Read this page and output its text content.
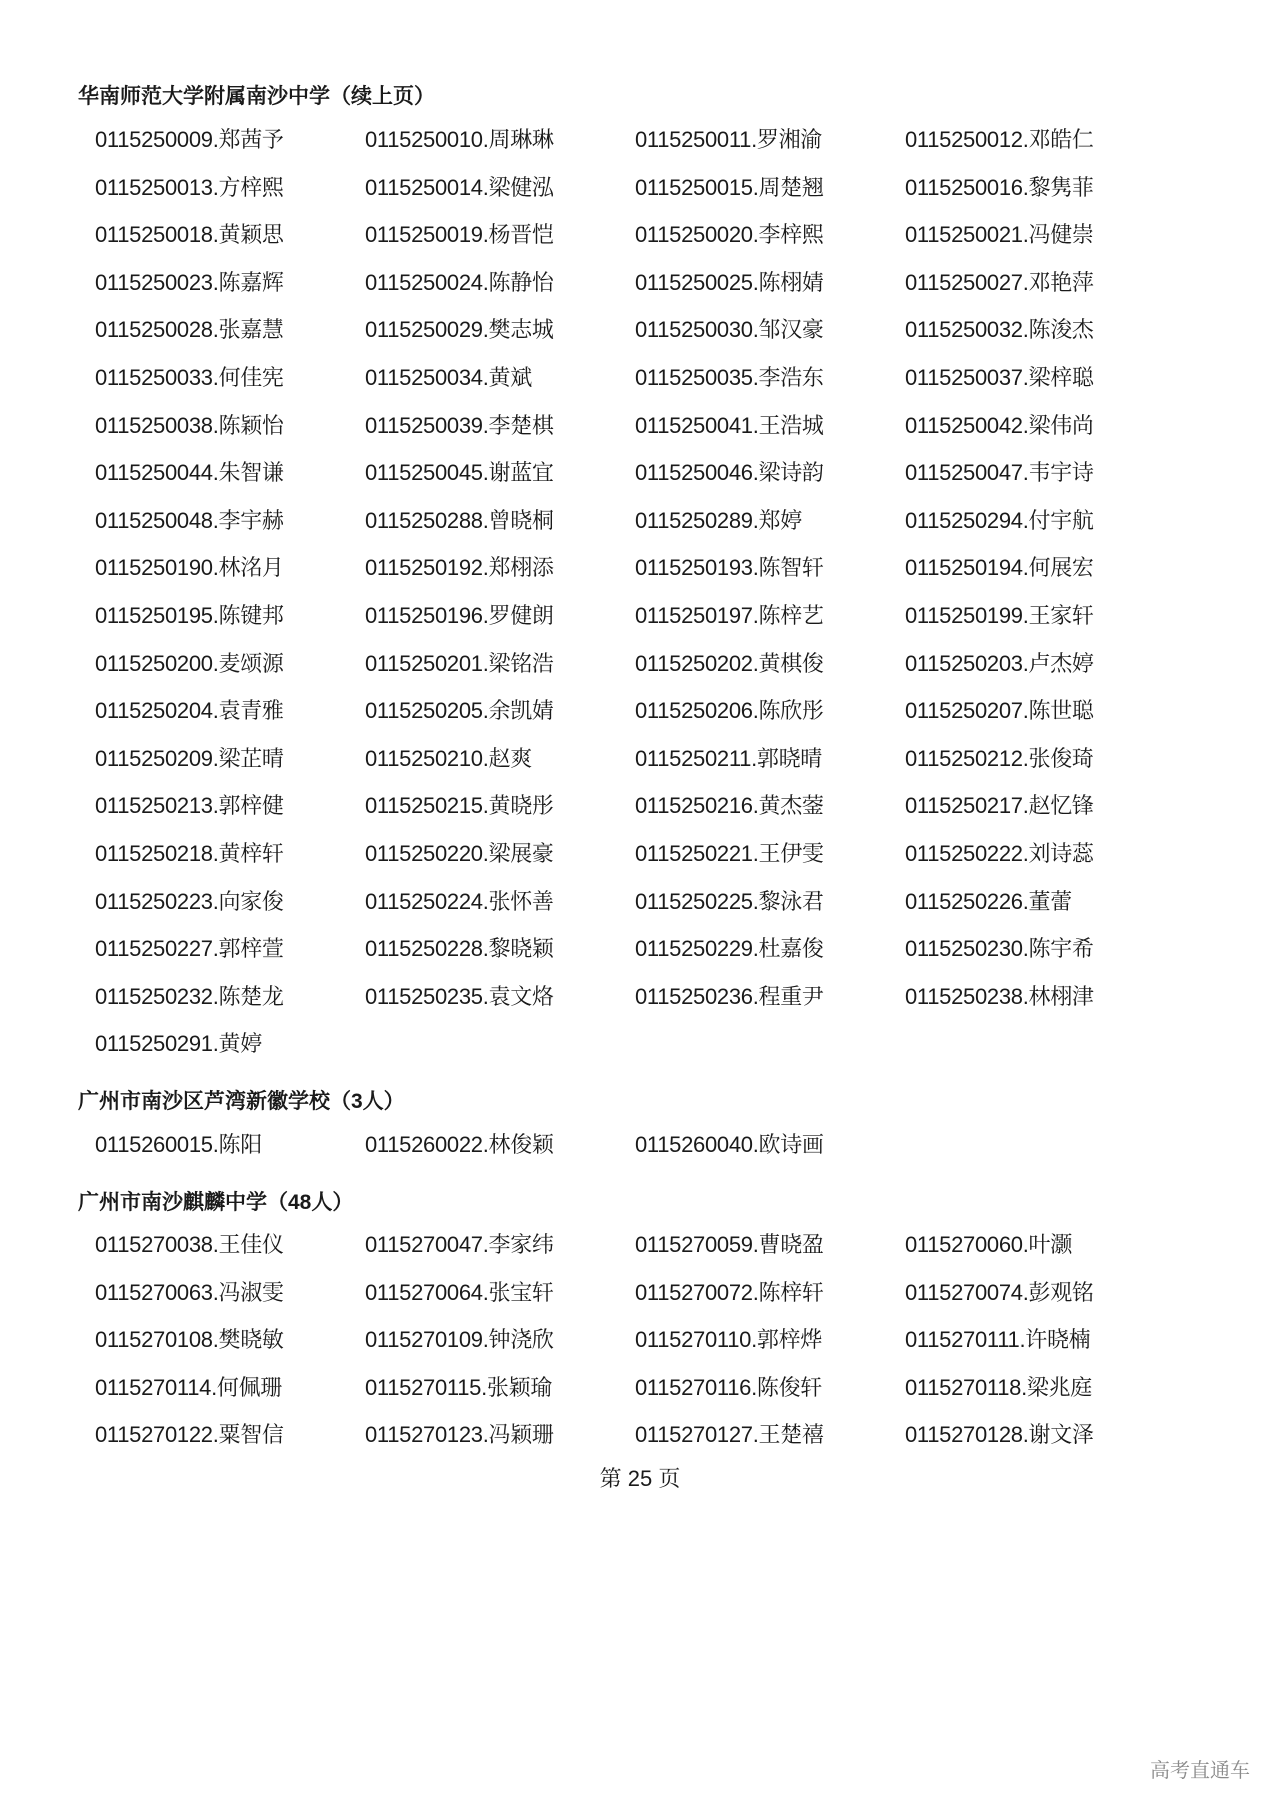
华南师范大学附属南沙中学（续上页）
0115250009.郑茜予	0115250010.周琳琳	0115250011.罗湘渝	0115250012.邓皓仁
0115250013.方梓熙	0115250014.梁健泓	0115250015.周楚翘	0115250016.黎隽菲
0115250018.黄颖思	0115250019.杨晋恺	0115250020.李梓熙	0115250021.冯健崇
0115250023.陈嘉辉	0115250024.陈静怡	0115250025.陈栩婧	0115250027.邓艳萍
0115250028.张嘉慧	0115250029.樊志城	0115250030.邹汉豪	0115250032.陈浚杰
0115250033.何佳宪	0115250034.黄斌	0115250035.李浩东	0115250037.梁梓聪
0115250038.陈颖怡	0115250039.李楚棋	0115250041.王浩城	0115250042.梁伟尚
0115250044.朱智谦	0115250045.谢蓝宜	0115250046.梁诗韵	0115250047.韦宇诗
0115250048.李宇赫	0115250288.曾晓桐	0115250289.郑婷	0115250294.付宇航
0115250190.林洺月	0115250192.郑栩添	0115250193.陈智轩	0115250194.何展宏
0115250195.陈键邦	0115250196.罗健朗	0115250197.陈梓艺	0115250199.王家轩
0115250200.麦颂源	0115250201.梁铭浩	0115250202.黄棋俊	0115250203.卢杰婷
0115250204.袁青雅	0115250205.余凯婧	0115250206.陈欣彤	0115250207.陈世聪
0115250209.梁芷晴	0115250210.赵爽	0115250211.郭晓晴	0115250212.张俊琦
0115250213.郭梓健	0115250215.黄晓彤	0115250216.黄杰蓥	0115250217.赵忆锋
0115250218.黄梓轩	0115250220.梁展豪	0115250221.王伊雯	0115250222.刘诗蕊
0115250223.向家俊	0115250224.张怀善	0115250225.黎泳君	0115250226.董蕾
0115250227.郭梓萱	0115250228.黎晓颖	0115250229.杜嘉俊	0115250230.陈宇希
0115250232.陈楚龙	0115250235.袁文烙	0115250236.程重尹	0115250238.林栩津
0115250291.黄婷
广州市南沙区芦湾新徽学校（3人）
0115260015.陈阳	0115260022.林俊颖	0115260040.欧诗画
广州市南沙麒麟中学（48人）
0115270038.王佳仪	0115270047.李家纬	0115270059.曹晓盈	0115270060.叶灏
0115270063.冯淑雯	0115270064.张宝轩	0115270072.陈梓轩	0115270074.彭观铭
0115270108.樊晓敏	0115270109.钟浇欣	0115270110.郭梓烨	0115270111.许晓楠
0115270114.何佩珊	0115270115.张颖瑜	0115270116.陈俊轩	0115270118.梁兆庭
0115270122.粟智信	0115270123.冯颖珊	0115270127.王楚禧	0115270128.谢文泽
第 25 页
高考直通车
